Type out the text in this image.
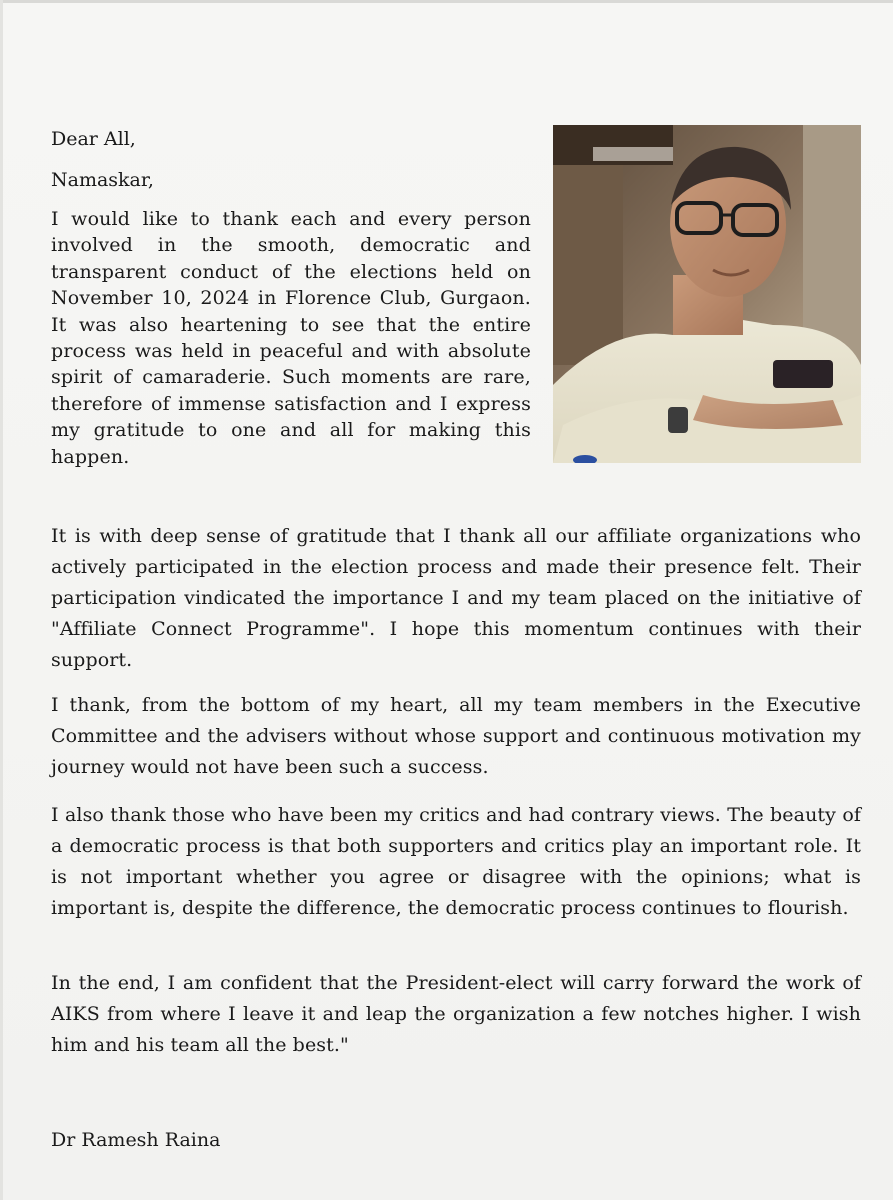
Dear All,

Namaskar,

I would like to thank each and every person involved in the smooth, democratic and transparent conduct of the elections held on November 10, 2024 in Florence Club, Gurgaon. It was also heartening to see that the entire process was held in peaceful and with absolute spirit of camaraderie. Such moments are rare, therefore of immense satisfaction and I express my gratitude to one and all for making this happen.

It is with deep sense of gratitude that I thank all our affiliate organizations who actively participated in the election process and made their presence felt. Their participation vindicated the importance I and my team placed on the initiative of "Affiliate Connect Programme". I hope this momentum continues with their support.

I thank, from the bottom of my heart, all my team members in the Executive Committee and the advisers without whose support and continuous motivation my journey would not have been such a success.

I also thank those who have been my critics and had contrary views. The beauty of a democratic process is that both supporters and critics play an important role. It is not important whether you agree or disagree with the opinions; what is important is, despite the difference, the democratic process continues to flourish.

In the end, I am confident that the President-elect will carry forward the work of AIKS from where I leave it and leap the organization a few notches higher. I wish him and his team all the best."

Dr Ramesh Raina
